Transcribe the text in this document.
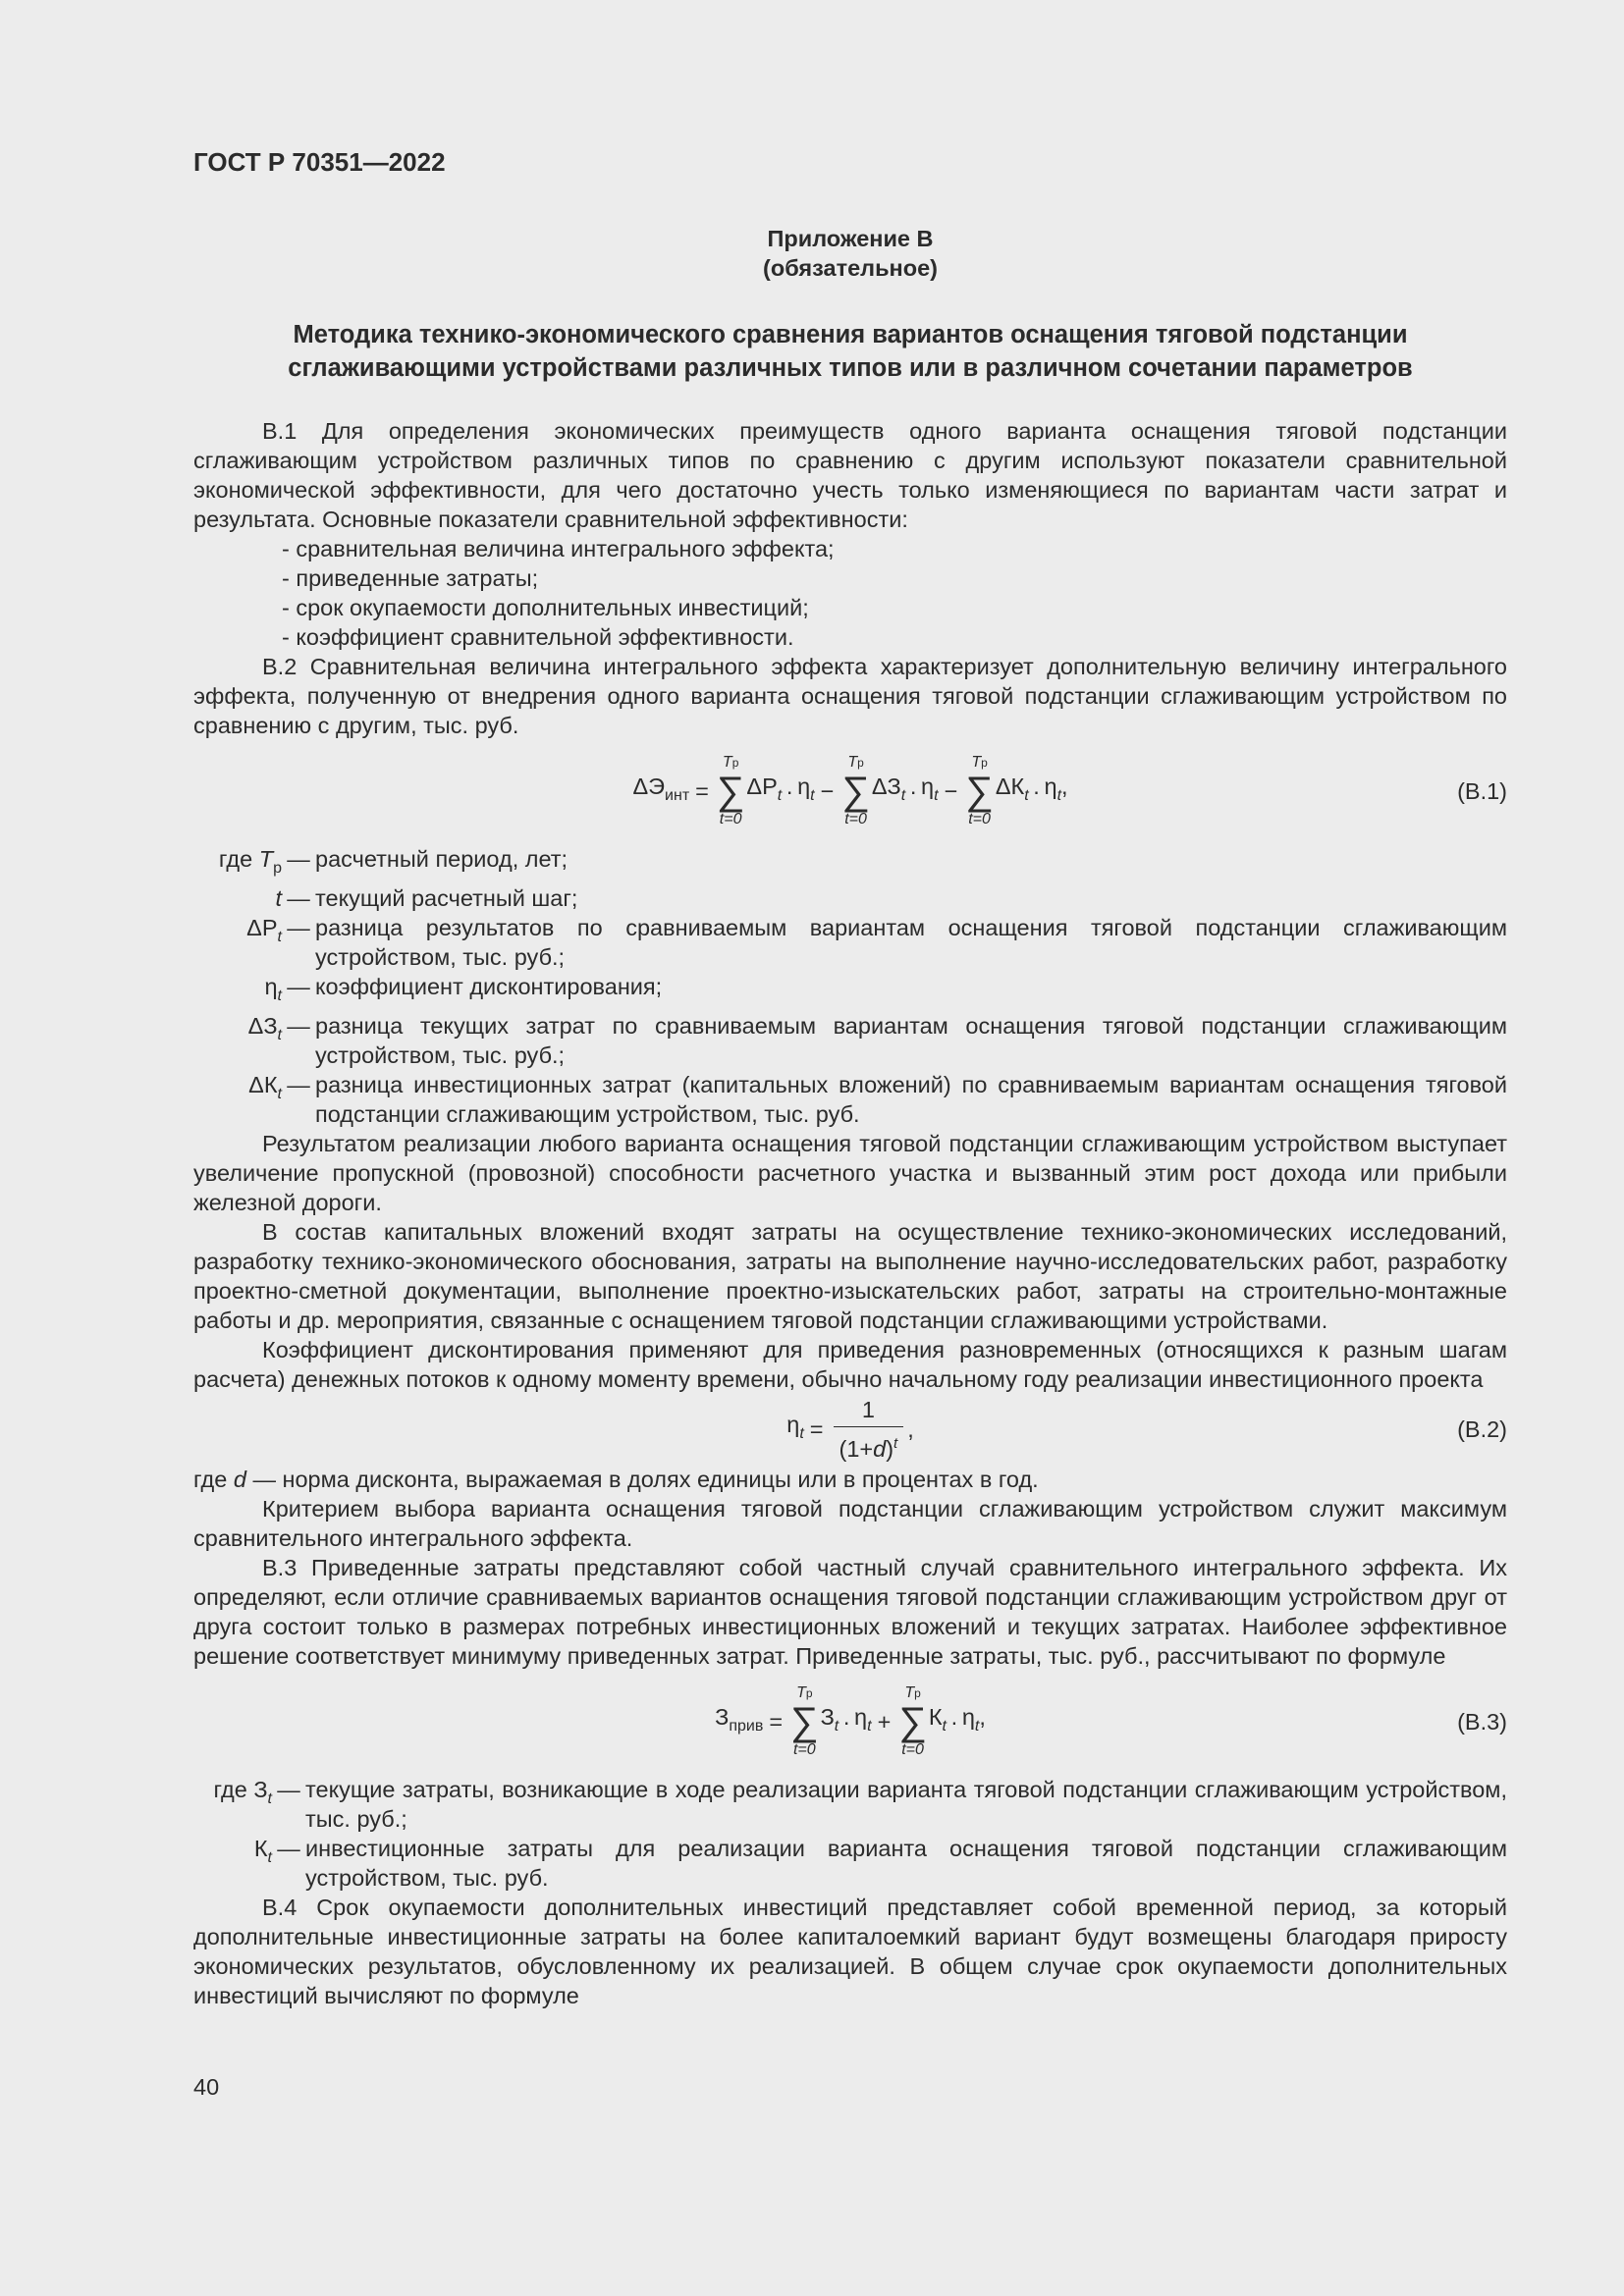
ГОСТ Р 70351—2022
Приложение В
(обязательное)
Методика технико-экономического сравнения вариантов оснащения тяговой подстанции
сглаживающими устройствами различных типов или в различном сочетании параметров

В.1 Для определения экономических преимуществ одного варианта оснащения тяговой подстанции сглаживающим устройством различных типов по сравнению с другим используют показатели сравнительной экономической эффективности, для чего достаточно учесть только изменяющиеся по вариантам части затрат и результата. Основные показатели сравнительной эффективности:

- сравнительная величина интегрального эффекта;

- приведенные затраты;

- срок окупаемости дополнительных инвестиций;

- коэффициент сравнительной эффективности.

В.2 Сравнительная величина интегрального эффекта характеризует дополнительную величину интегрального эффекта, полученную от внедрения одного варианта оснащения тяговой подстанции сглаживающим устройством по сравнению с другим, тыс. руб.

$\Delta Э_{инт}$ =
Tр
∑
t=0
$\Delta Р_t \cdot \eta_t$ −
Tр
∑
t=0
$\Delta З_t \cdot \eta_t$ −
Tр
∑
t=0
$\Delta К_t \cdot \eta_t$,	(В.1)
где $T_р$ — расчетный период, лет;
t — текущий расчетный шаг;
$\Delta Р_t$ — разница результатов по сравниваемым вариантам оснащения тяговой подстанции сглаживающим устройством, тыс. руб.;
$\eta_t$ — коэффициент дисконтирования;
$\Delta З_t$ — разница текущих затрат по сравниваемым вариантам оснащения тяговой подстанции сглаживающим устройством, тыс. руб.;
$\Delta К_t$ — разница инвестиционных затрат (капитальных вложений) по сравниваемым вариантам оснащения тяговой подстанции сглаживающим устройством, тыс. руб.

Результатом реализации любого варианта оснащения тяговой подстанции сглаживающим устройством выступает увеличение пропускной (провозной) способности расчетного участка и вызванный этим рост дохода или прибыли железной дороги.

В состав капитальных вложений входят затраты на осуществление технико-экономических исследований, разработку технико-экономического обоснования, затраты на выполнение научно-исследовательских работ, разработку проектно-сметной документации, выполнение проектно-изыскательских работ, затраты на строительно-монтажные работы и др. мероприятия, связанные с оснащением тяговой подстанции сглаживающими устройствами.

Коэффициент дисконтирования применяют для приведения разновременных (относящихся к разным шагам расчета) денежных потоков к одному моменту времени, обычно начальному году реализации инвестиционного проекта

$\eta_t = \frac{1}{(1+d)^t}$ ,	(В.2)

где d — норма дисконта, выражаемая в долях единицы или в процентах в год.

Критерием выбора варианта оснащения тяговой подстанции сглаживающим устройством служит максимум сравнительного интегрального эффекта.

В.3 Приведенные затраты представляют собой частный случай сравнительного интегрального эффекта. Их определяют, если отличие сравниваемых вариантов оснащения тяговой подстанции сглаживающим устройством друг от друга состоит только в размерах потребных инвестиционных вложений и текущих затратах. Наиболее эффективное решение соответствует минимуму приведенных затрат. Приведенные затраты, тыс. руб., рассчитывают по формуле

$З_{прив}$ =
Tр
∑
t=0
$З_t \cdot \eta_t$ +
Tр
∑
t=0
$К_t \cdot \eta_t$,	(В.3)
где $З_t$ — текущие затраты, возникающие в ходе реализации варианта тяговой подстанции сглаживающим устройством, тыс. руб.;
$К_t$ — инвестиционные затраты для реализации варианта оснащения тяговой подстанции сглаживающим устройством, тыс. руб.

В.4 Срок окупаемости дополнительных инвестиций представляет собой временной период, за который дополнительные инвестиционные затраты на более капиталоемкий вариант будут возмещены благодаря приросту экономических результатов, обусловленному их реализацией. В общем случае срок окупаемости дополнительных инвестиций вычисляют по формуле

40
